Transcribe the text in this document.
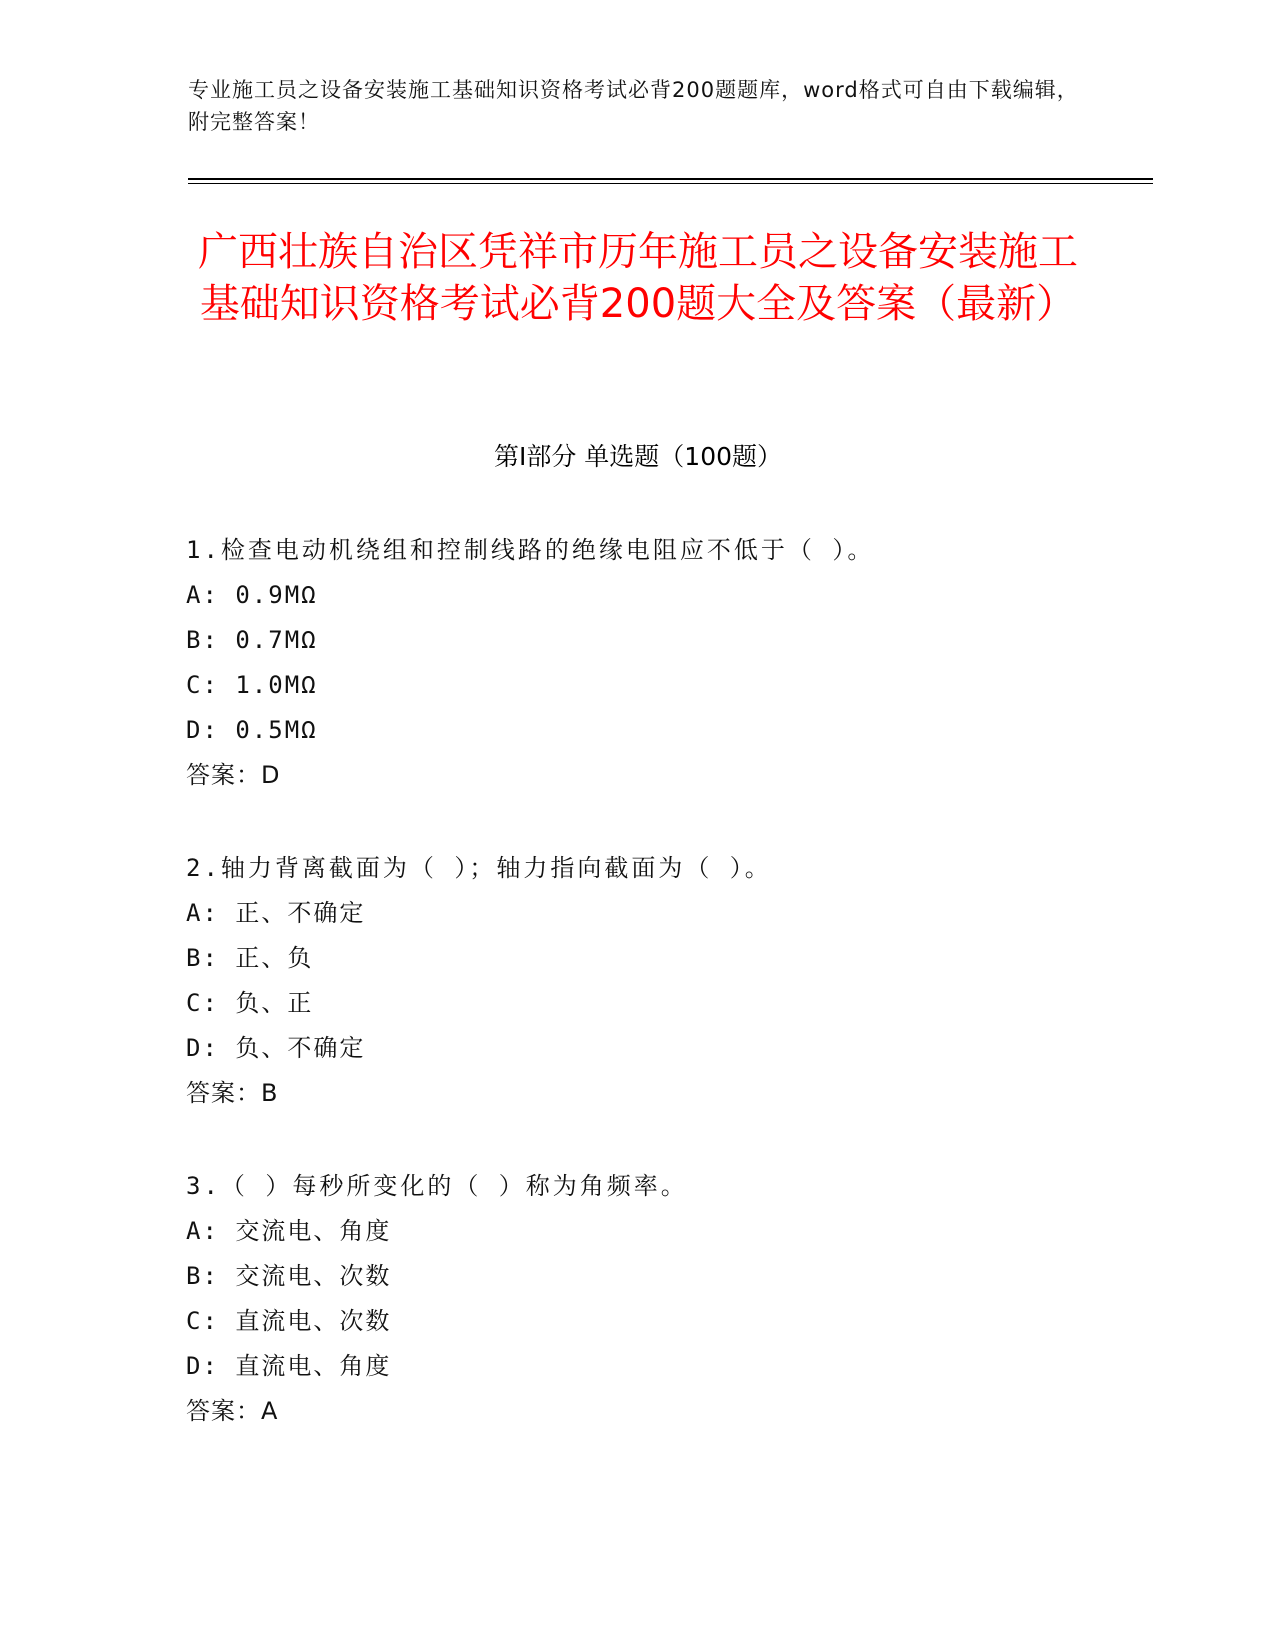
专业施工员之设备安装施工基础知识资格考试必背200题题库，word格式可自由下载编辑，附完整答案！
广西壮族自治区凭祥市历年施工员之设备安装施工基础知识资格考试必背200题大全及答案（最新）
第Ⅰ部分 单选题（100题）
1.检查电动机绕组和控制线路的绝缘电阻应不低于（ ）。
A: 0.9MΩ
B: 0.7MΩ
C: 1.0MΩ
D: 0.5MΩ
答案：D
2.轴力背离截面为（ ）；轴力指向截面为（ ）。
A: 正、不确定
B: 正、负
C: 负、正
D: 负、不确定
答案：B
3.（ ）每秒所变化的（ ）称为角频率。
A: 交流电、角度
B: 交流电、次数
C: 直流电、次数
D: 直流电、角度
答案：A
